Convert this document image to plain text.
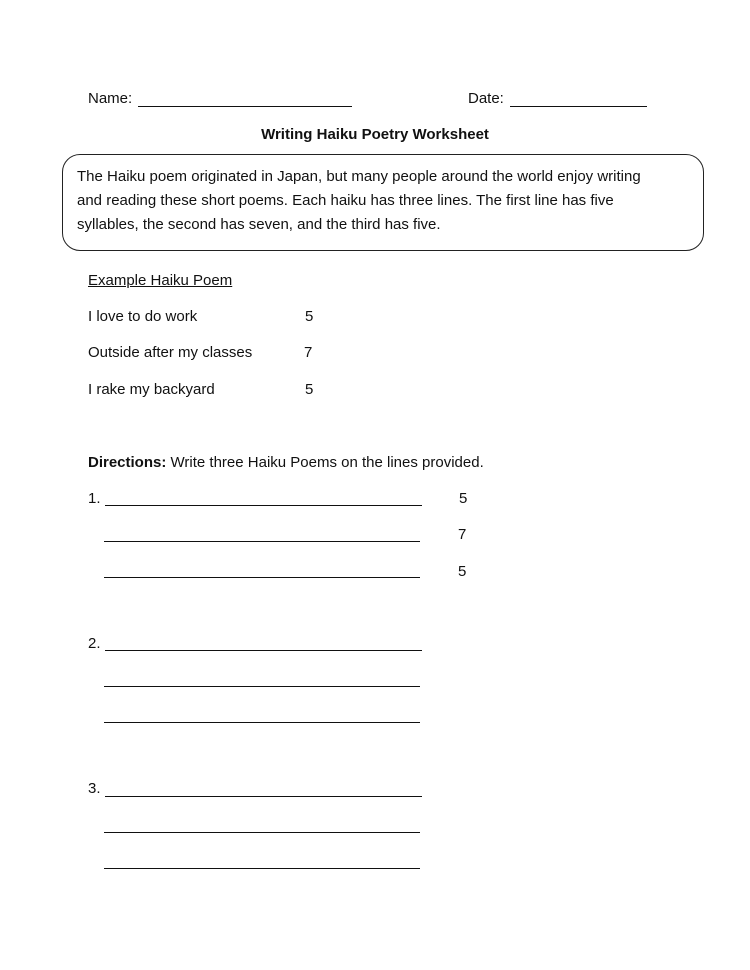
Name:	Date:
Writing Haiku Poetry Worksheet
The Haiku poem originated in Japan, but many people around the world enjoy writing
and reading these short poems. Each haiku has three lines. The first line has five
syllables, the second has seven, and the third has five.
Example Haiku Poem
I love to do work	5
Outside after my classes	7
I rake my backyard	5
Directions: Write three Haiku Poems on the lines provided.
1.	5
7
5
2.
3.
